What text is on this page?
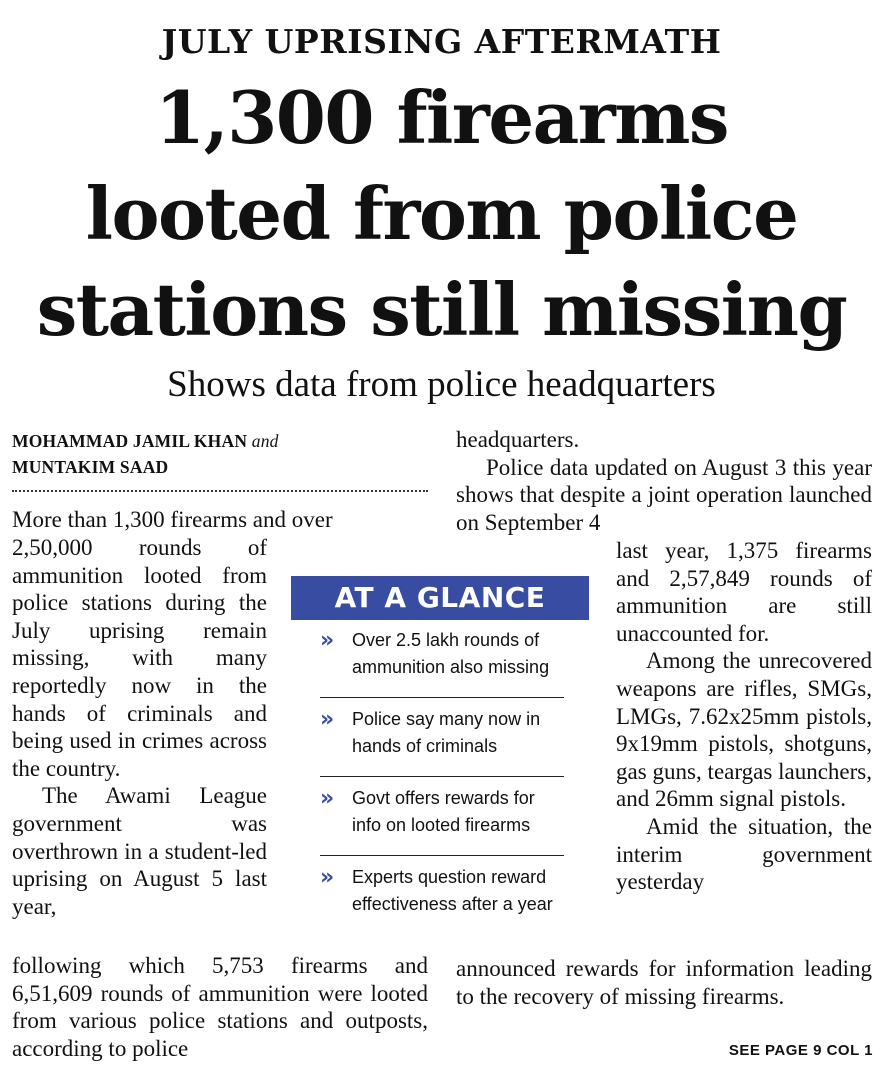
JULY UPRISING AFTERMATH
1,300 firearms
looted from police
stations still missing
Shows data from police headquarters
MOHAMMAD JAMIL KHAN and
MUNTAKIM SAAD

More than 1,300 firearms and over

2,50,000 rounds of ammunition looted from police stations during the July uprising remain missing, with many reportedly now in the hands of criminals and being used in crimes across the country.

The Awami League government was overthrown in a student-led uprising on August 5 last year,

following which 5,753 firearms and 6,51,609 rounds of ammunition were looted from various police stations and outposts, according to police

headquarters.

Police data updated on August 3 this year shows that despite a joint operation launched on September 4

last year, 1,375 firearms and 2,57,849 rounds of ammunition are still unaccounted for.

Among the unrecovered weapons are rifles, SMGs, LMGs, 7.62x25mm pistols, 9x19mm pistols, shotguns, gas guns, teargas launchers, and 26mm signal pistols.

Amid the situation, the interim government yesterday

announced rewards for information leading to the recovery of missing firearms.

AT A GLANCE
›› Over 2.5 lakh rounds of ammunition also missing
›› Police say many now in hands of criminals
›› Govt offers rewards for info on looted firearms
›› Experts question reward effectiveness after a year
SEE PAGE 9 COL 1
